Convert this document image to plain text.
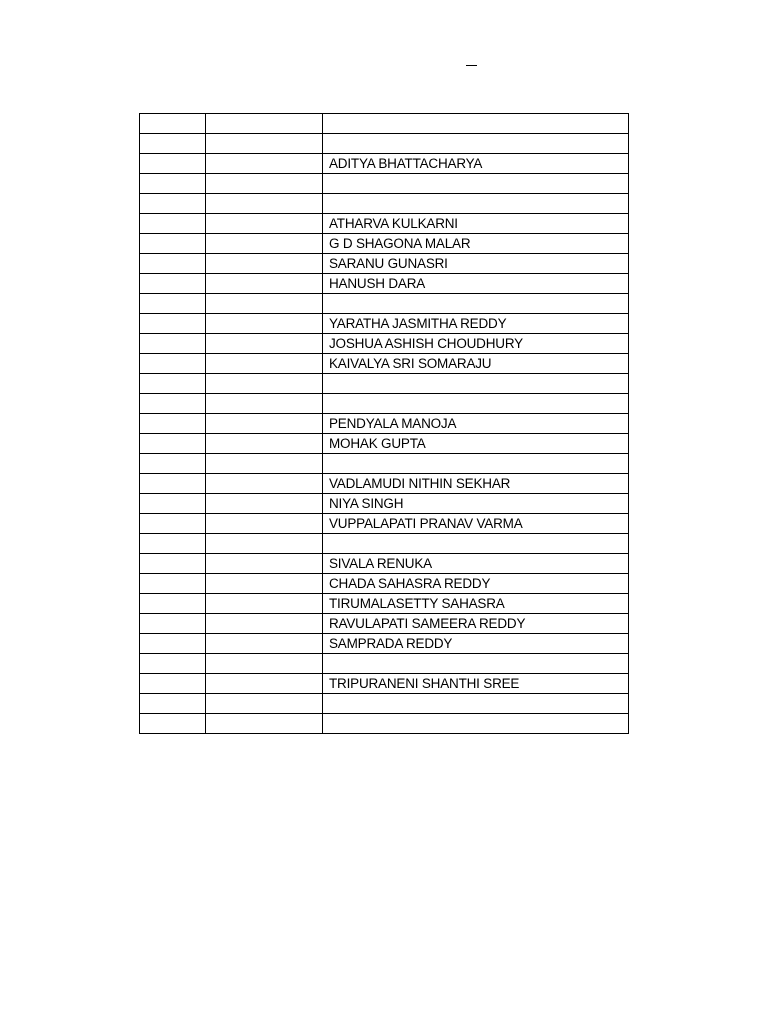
		ADITYA BHATTACHARYA

		ATHARVA KULKARNI
		G D SHAGONA MALAR
		SARANU GUNASRI
		HANUSH DARA

		YARATHA JASMITHA REDDY
		JOSHUA ASHISH CHOUDHURY
		KAIVALYA SRI SOMARAJU

		PENDYALA MANOJA
		MOHAK GUPTA

		VADLAMUDI NITHIN SEKHAR
		NIYA SINGH
		VUPPALAPATI PRANAV VARMA

		SIVALA RENUKA
		CHADA SAHASRA REDDY
		TIRUMALASETTY SAHASRA
		RAVULAPATI SAMEERA REDDY
		SAMPRADA REDDY

		TRIPURANENI SHANTHI SREE
